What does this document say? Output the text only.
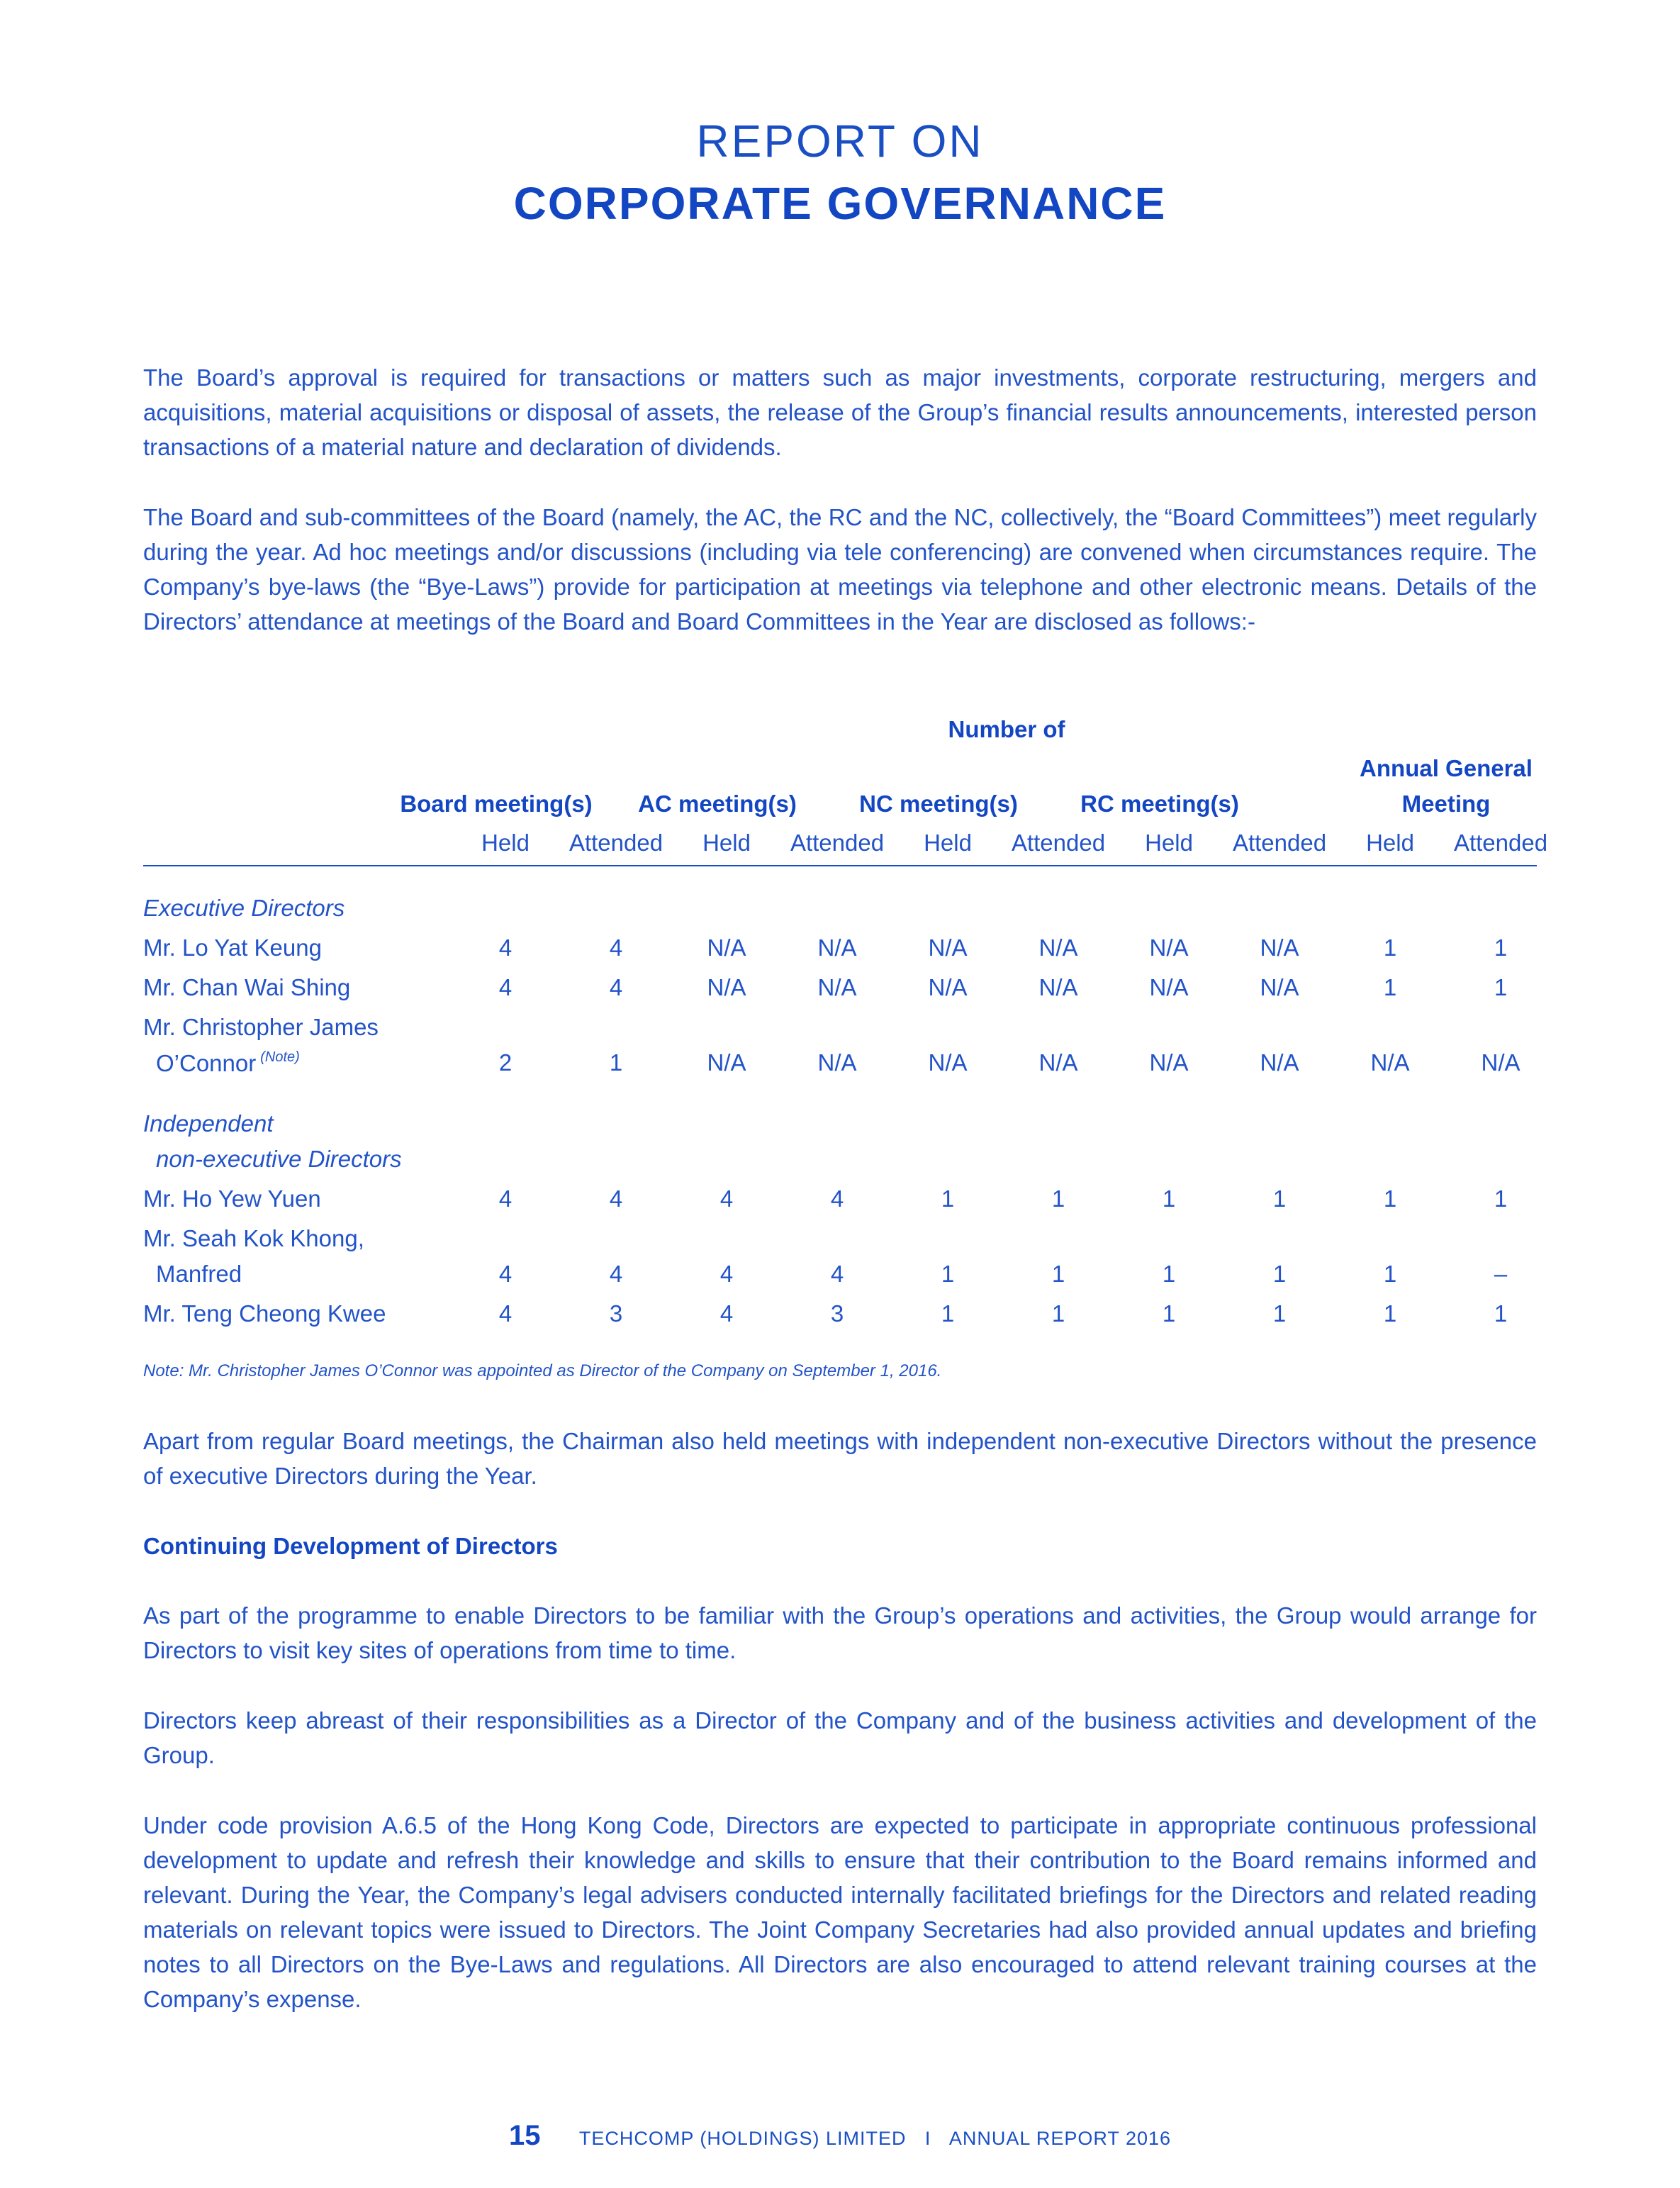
REPORT ON
CORPORATE GOVERNANCE
The Board’s approval is required for transactions or matters such as major investments, corporate restructuring, mergers and acquisitions, material acquisitions or disposal of assets, the release of the Group’s financial results announcements, interested person transactions of a material nature and declaration of dividends.
The Board and sub-committees of the Board (namely, the AC, the RC and the NC, collectively, the “Board Committees”) meet regularly during the year. Ad hoc meetings and/or discussions (including via tele conferencing) are convened when circumstances require. The Company’s bye-laws (the “Bye-Laws”) provide for participation at meetings via telephone and other electronic means. Details of the Directors’ attendance at meetings of the Board and Board Committees in the Year are disclosed as follows:-
Number of
Annual General
Board meeting(s) AC meeting(s)	NC meeting(s)	RC meeting(s)	Meeting
Held Attended Held Attended Held Attended Held Attended Held Attended
Executive Directors
Mr. Lo Yat Keung	4	4	N/A	N/A	N/A	N/A	N/A	N/A	1	1
Mr. Chan Wai Shing	4	4	N/A	N/A	N/A	N/A	N/A	N/A	1	1
Mr. Christopher James
O’Connor $^{(Note)}$	2	1	N/A	N/A	N/A	N/A	N/A	N/A	N/A	N/A
Independent
non-executive Directors
Mr. Ho Yew Yuen	4	4	4	4	1	1	1	1	1	1
Mr. Seah Kok Khong,
Manfred	4	4	4	4	1	1	1	1	1	–
Mr. Teng Cheong Kwee	4	3	4	3	1	1	1	1	1	1
Note: Mr. Christopher James O’Connor was appointed as Director of the Company on September 1, 2016.
Apart from regular Board meetings, the Chairman also held meetings with independent non-executive Directors without the presence of executive Directors during the Year.
Continuing Development of Directors
As part of the programme to enable Directors to be familiar with the Group’s operations and activities, the Group would arrange for Directors to visit key sites of operations from time to time.
Directors keep abreast of their responsibilities as a Director of the Company and of the business activities and development of the Group.
Under code provision A.6.5 of the Hong Kong Code, Directors are expected to participate in appropriate continuous professional development to update and refresh their knowledge and skills to ensure that their contribution to the Board remains informed and relevant. During the Year, the Company’s legal advisers conducted internally facilitated briefings for the Directors and related reading materials on relevant topics were issued to Directors. The Joint Company Secretaries had also provided annual updates and briefing notes to all Directors on the Bye-Laws and regulations. All Directors are also encouraged to attend relevant training courses at the Company’s expense.
15 TECHCOMP (HOLDINGS) LIMITED I ANNUAL REPORT 2016
